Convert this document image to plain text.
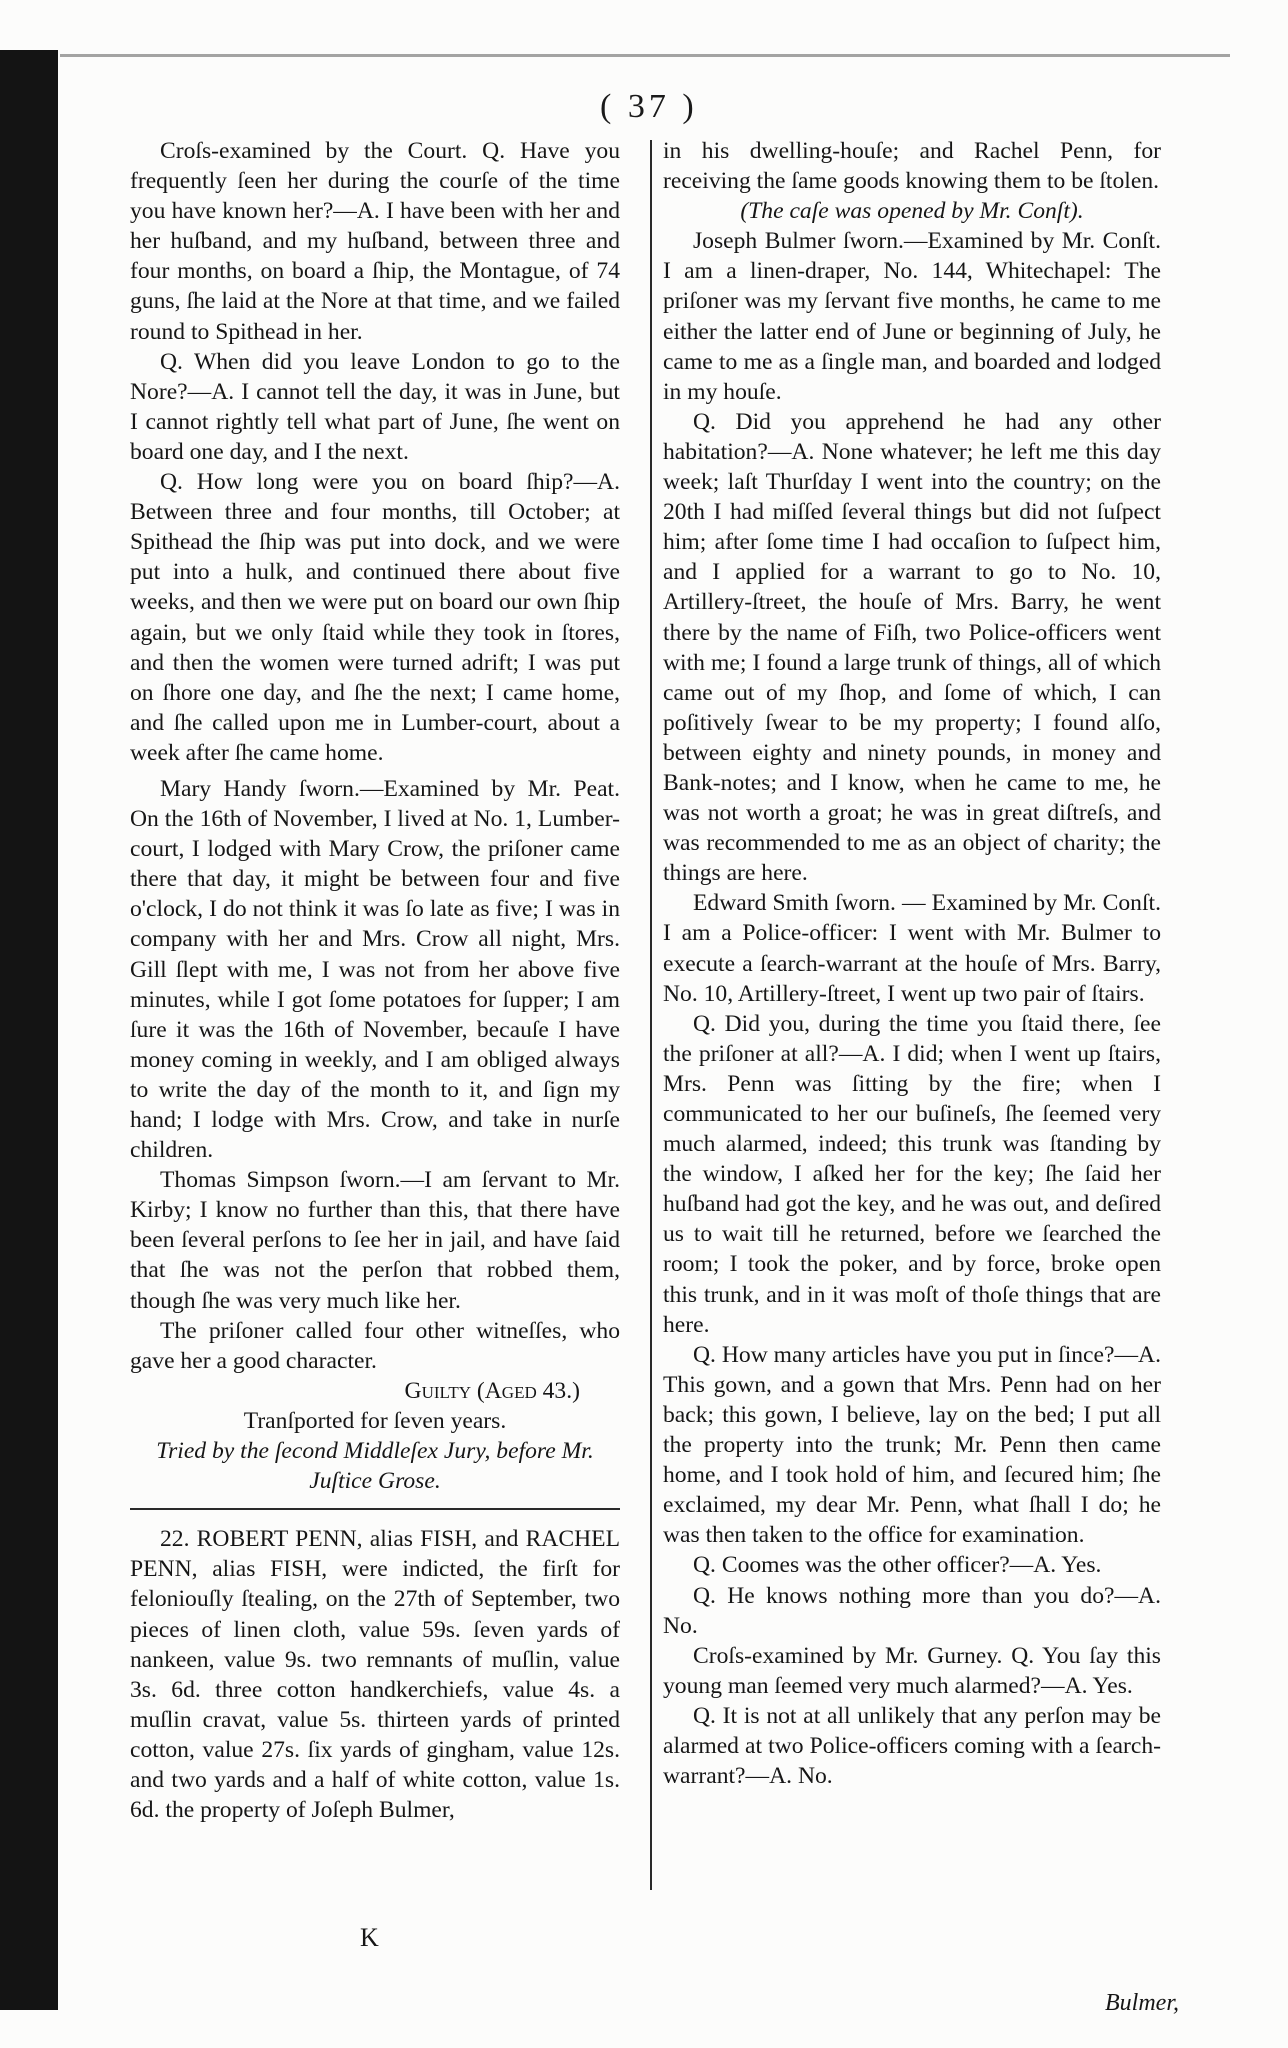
( 37 )

Croſs-examined by the Court. Q. Have you frequently ſeen her during the courſe of the time you have known her?—A. I have been with her and her huſband, and my huſband, between three and four months, on board a ſhip, the Montague, of 74 guns, ſhe laid at the Nore at that time, and we failed round to Spithead in her.

Q. When did you leave London to go to the Nore?—A. I cannot tell the day, it was in June, but I cannot rightly tell what part of June, ſhe went on board one day, and I the next.

Q. How long were you on board ſhip?—A. Between three and four months, till October; at Spithead the ſhip was put into dock, and we were put into a hulk, and continued there about five weeks, and then we were put on board our own ſhip again, but we only ſtaid while they took in ſtores, and then the women were turned adrift; I was put on ſhore one day, and ſhe the next; I came home, and ſhe called upon me in Lumber-court, about a week after ſhe came home.

Mary Handy ſworn.—Examined by Mr. Peat. On the 16th of November, I lived at No. 1, Lumber-court, I lodged with Mary Crow, the priſoner came there that day, it might be between four and five o'clock, I do not think it was ſo late as five; I was in company with her and Mrs. Crow all night, Mrs. Gill ſlept with me, I was not from her above five minutes, while I got ſome potatoes for ſupper; I am ſure it was the 16th of November, becauſe I have money coming in weekly, and I am obliged always to write the day of the month to it, and ſign my hand; I lodge with Mrs. Crow, and take in nurſe children.

Thomas Simpson ſworn.—I am ſervant to Mr. Kirby; I know no further than this, that there have been ſeveral perſons to ſee her in jail, and have ſaid that ſhe was not the perſon that robbed them, though ſhe was very much like her.

The priſoner called four other witneſſes, who gave her a good character.

Guilty (Aged 43.)

Tranſported for ſeven years.

Tried by the ſecond Middleſex Jury, before Mr. Juſtice Grose.

22. ROBERT PENN, alias FISH, and RACHEL PENN, alias FISH, were indicted, the firſt for feloniouſly ſtealing, on the 27th of September, two pieces of linen cloth, value 59s. ſeven yards of nankeen, value 9s. two remnants of muſlin, value 3s. 6d. three cotton handkerchiefs, value 4s. a muſlin cravat, value 5s. thirteen yards of printed cotton, value 27s. ſix yards of gingham, value 12s. and two yards and a half of white cotton, value 1s. 6d. the property of Joſeph Bulmer,

in his dwelling-houſe; and Rachel Penn, for receiving the ſame goods knowing them to be ſtolen.

(The caſe was opened by Mr. Conſt).

Joseph Bulmer ſworn.—Examined by Mr. Conſt. I am a linen-draper, No. 144, Whitechapel: The priſoner was my ſervant five months, he came to me either the latter end of June or beginning of July, he came to me as a ſingle man, and boarded and lodged in my houſe.

Q. Did you apprehend he had any other habitation?—A. None whatever; he left me this day week; laſt Thurſday I went into the country; on the 20th I had miſſed ſeveral things but did not ſuſpect him; after ſome time I had occaſion to ſuſpect him, and I applied for a warrant to go to No. 10, Artillery-ſtreet, the houſe of Mrs. Barry, he went there by the name of Fiſh, two Police-officers went with me; I found a large trunk of things, all of which came out of my ſhop, and ſome of which, I can poſitively ſwear to be my property; I found alſo, between eighty and ninety pounds, in money and Bank-notes; and I know, when he came to me, he was not worth a groat; he was in great diſtreſs, and was recommended to me as an object of charity; the things are here.

Edward Smith ſworn. — Examined by Mr. Conſt. I am a Police-officer: I went with Mr. Bulmer to execute a ſearch-warrant at the houſe of Mrs. Barry, No. 10, Artillery-ſtreet, I went up two pair of ſtairs.

Q. Did you, during the time you ſtaid there, ſee the priſoner at all?—A. I did; when I went up ſtairs, Mrs. Penn was ſitting by the fire; when I communicated to her our buſineſs, ſhe ſeemed very much alarmed, indeed; this trunk was ſtanding by the window, I aſked her for the key; ſhe ſaid her huſband had got the key, and he was out, and deſired us to wait till he returned, before we ſearched the room; I took the poker, and by force, broke open this trunk, and in it was moſt of thoſe things that are here.

Q. How many articles have you put in ſince?—A. This gown, and a gown that Mrs. Penn had on her back; this gown, I believe, lay on the bed; I put all the property into the trunk; Mr. Penn then came home, and I took hold of him, and ſecured him; ſhe exclaimed, my dear Mr. Penn, what ſhall I do; he was then taken to the office for examination.

Q. Coomes was the other officer?—A. Yes.

Q. He knows nothing more than you do?—A. No.

Croſs-examined by Mr. Gurney. Q. You ſay this young man ſeemed very much alarmed?—A. Yes.

Q. It is not at all unlikely that any perſon may be alarmed at two Police-officers coming with a ſearch-warrant?—A. No.

K
Bulmer,
